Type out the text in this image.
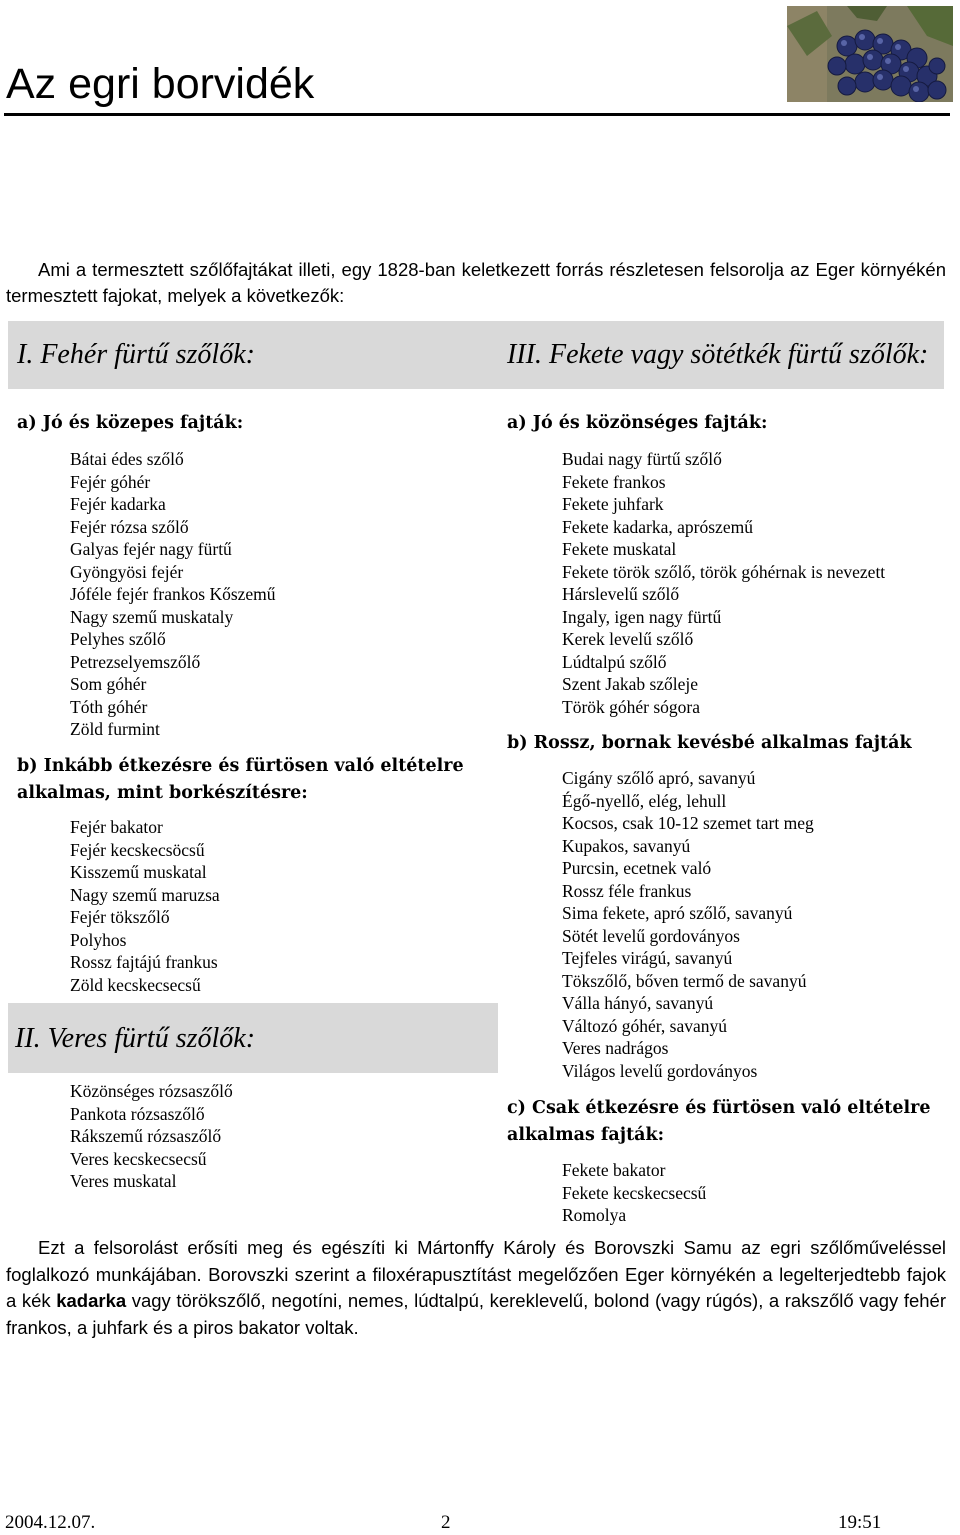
Az egri borvidék
Ami a termesztett szőlőfajtákat illeti, egy 1828-ban keletkezett forrás részletesen felsorolja az Eger környékén termesztett fajokat, melyek a következők:
I. Fehér fürtű szőlők:
a) Jó és közepes fajták:
Bátai édes szőlő
Fejér góhér
Fejér kadarka
Fejér rózsa szőlő
Galyas fejér nagy fürtű
Gyöngyösi fejér
Jóféle fejér frankos Kőszemű
Nagy szemű muskataly
Pelyhes szőlő
Petrezselyemszőlő
Som góhér
Tóth góhér
Zöld furmint
b) Inkább étkezésre és fürtösen való eltételre alkalmas, mint borkészítésre:
Fejér bakator
Fejér kecskecsöcsű
Kisszemű muskatal
Nagy szemű maruzsa
Fejér tökszőlő
Polyhos
Rossz fajtájú frankus
Zöld kecskecsecsű
II. Veres fürtű szőlők:
Közönséges rózsaszőlő
Pankota rózsaszőlő
Rákszemű rózsaszőlő
Veres kecskecsecsű
Veres muskatal
III. Fekete vagy sötétkék fürtű szőlők:
a) Jó és közönséges fajták:
Budai nagy fürtű szőlő
Fekete frankos
Fekete juhfark
Fekete kadarka, aprószemű
Fekete muskatal
Fekete török szőlő, török góhérnak is nevezett
Hárslevelű szőlő
Ingaly, igen nagy fürtű
Kerek levelű szőlő
Lúdtalpú szőlő
Szent Jakab szőleje
Török góhér sógora
b) Rossz, bornak kevésbé alkalmas fajták
Cigány szőlő apró, savanyú
Égő-nyellő, elég, lehull
Kocsos, csak 10-12 szemet tart meg
Kupakos, savanyú
Purcsin, ecetnek való
Rossz féle frankus
Sima fekete, apró szőlő, savanyú
Sötét levelű gordoványos
Tejfeles virágú, savanyú
Tökszőlő, bőven termő de savanyú
Válla hányó, savanyú
Változó góhér, savanyú
Veres nadrágos
Világos levelű gordoványos
c) Csak étkezésre és fürtösen való eltételre alkalmas fajták:
Fekete bakator
Fekete kecskecsecsű
Romolya
Ezt a felsorolást erősíti meg és egészíti ki Mártonffy Károly és Borovszki Samu az egri szőlőműveléssel foglalkozó munkájában. Borovszki szerint a filoxérapusztítást megelőzően Eger környékén a legelterjedtebb fajok a kék kadarka vagy törökszőlő, negotíni, nemes, lúdtalpú, kereklevelű, bolond (vagy rúgós), a rakszőlő vagy fehér frankos, a juhfark és a piros bakator voltak.
2004.12.07.	2	19:51
